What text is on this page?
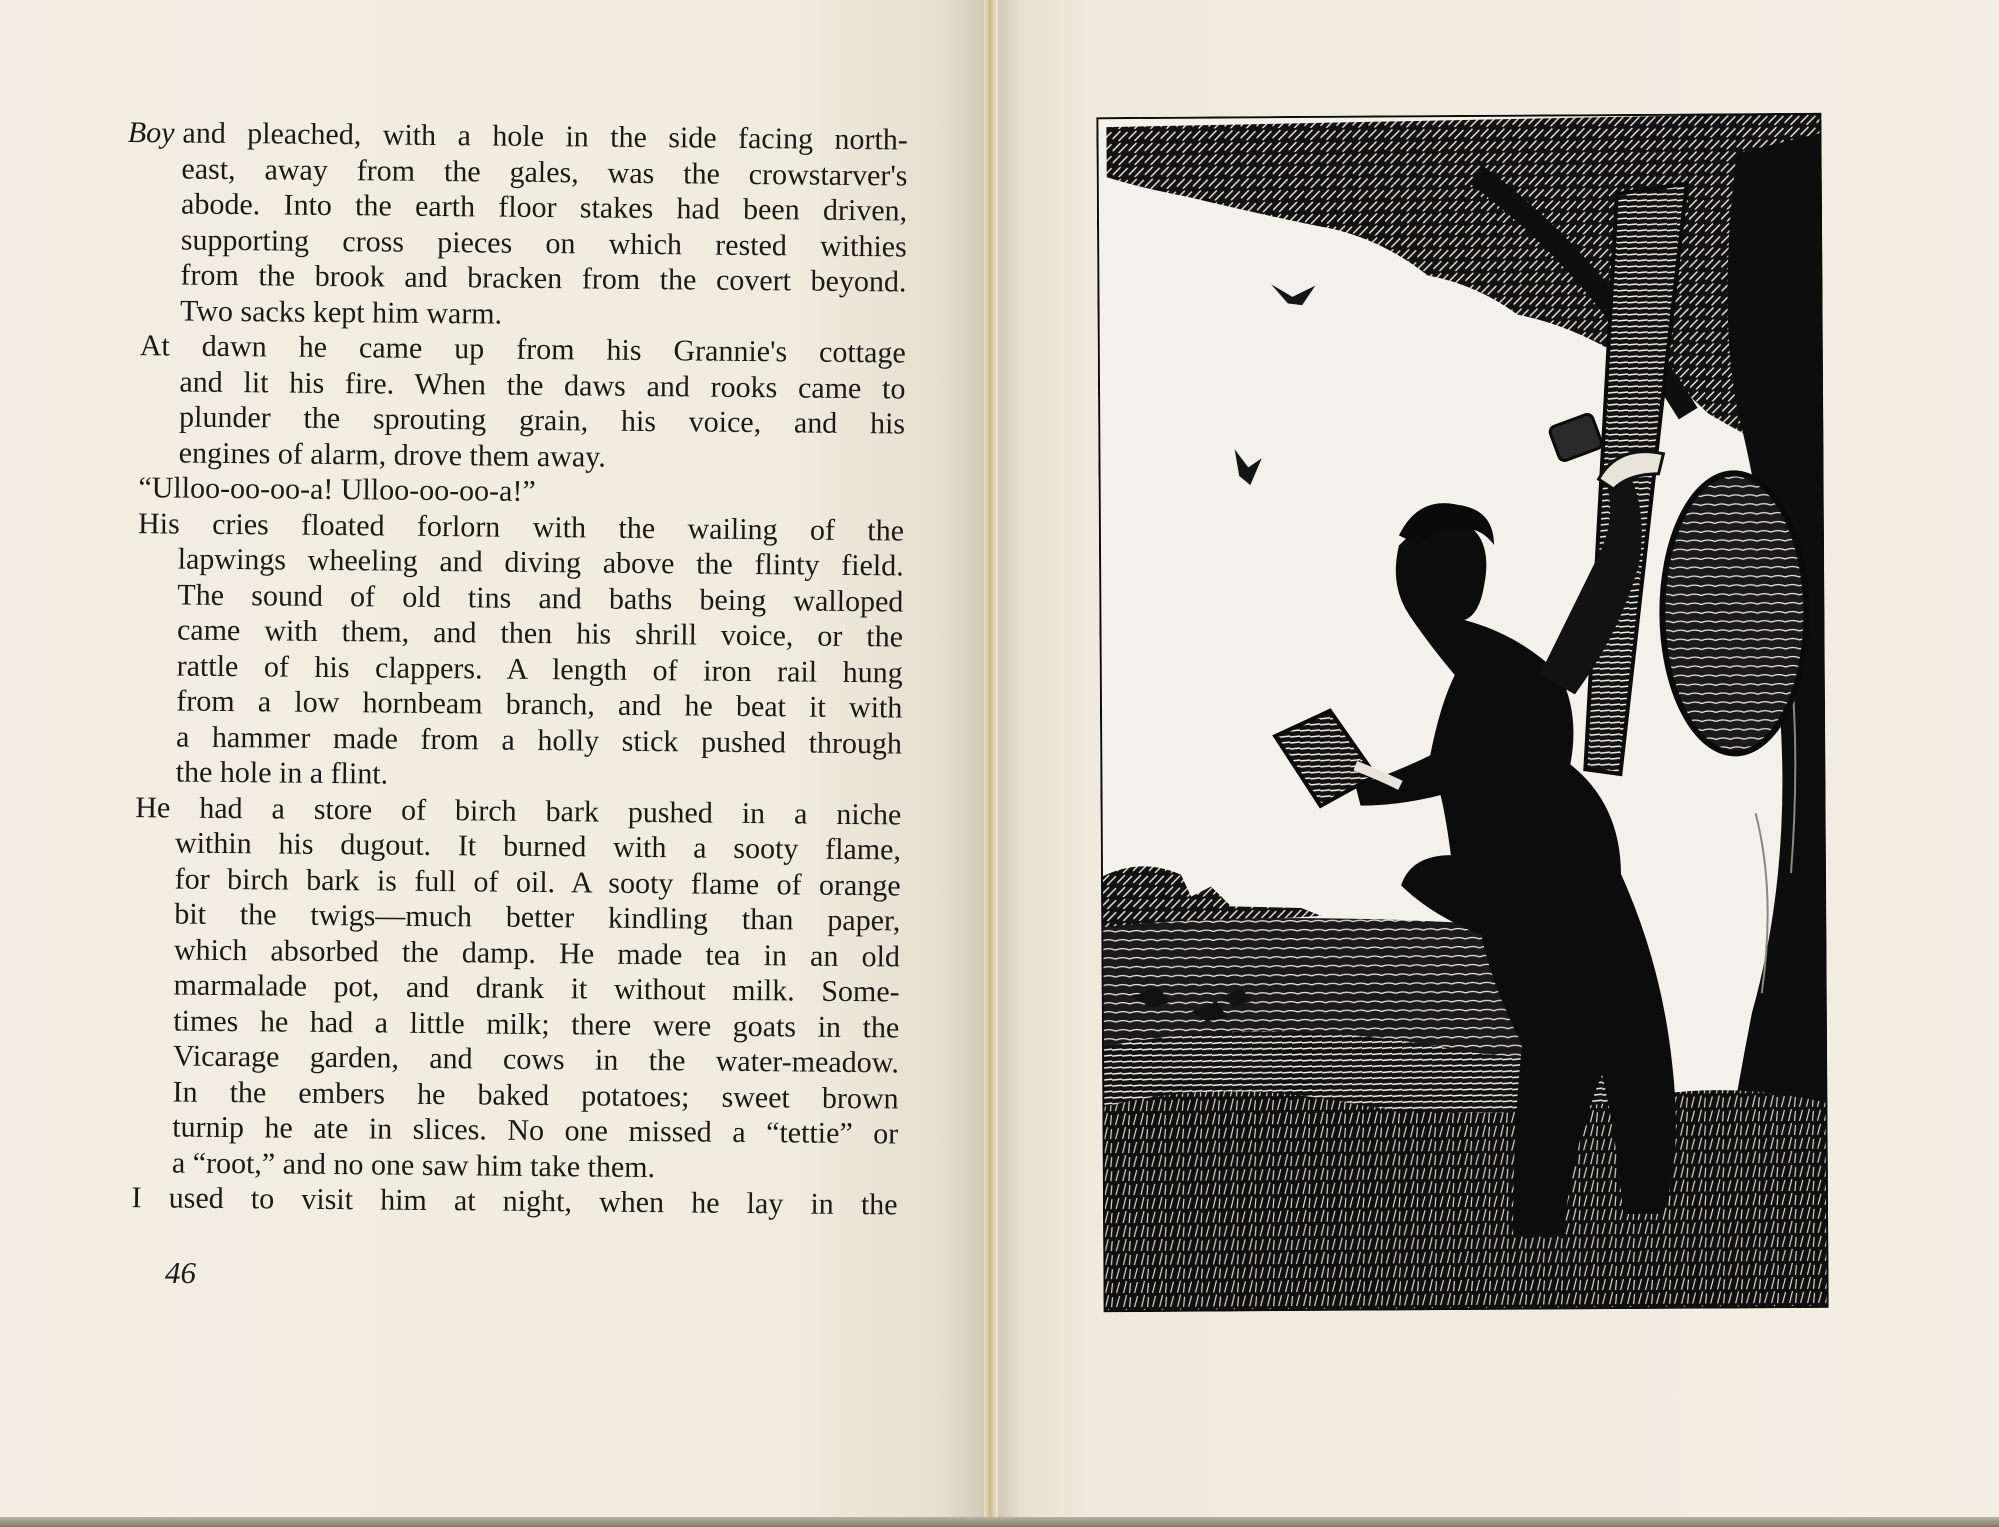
Boy and pleached, with a hole in the side facing north-
east, away from the gales, was the crowstarver's
abode. Into the earth floor stakes had been driven,
supporting cross pieces on which rested withies
from the brook and bracken from the covert beyond.
Two sacks kept him warm.
At dawn he came up from his Grannie's cottage
and lit his fire. When the daws and rooks came to
plunder the sprouting grain, his voice, and his
engines of alarm, drove them away.
“Ulloo-oo-oo-a! Ulloo-oo-oo-a!”
His cries floated forlorn with the wailing of the
lapwings wheeling and diving above the flinty field.
The sound of old tins and baths being walloped
came with them, and then his shrill voice, or the
rattle of his clappers. A length of iron rail hung
from a low hornbeam branch, and he beat it with
a hammer made from a holly stick pushed through
the hole in a flint.
He had a store of birch bark pushed in a niche
within his dugout. It burned with a sooty flame,
for birch bark is full of oil. A sooty flame of orange
bit the twigs—much better kindling than paper,
which absorbed the damp. He made tea in an old
marmalade pot, and drank it without milk. Some-
times he had a little milk; there were goats in the
Vicarage garden, and cows in the water-meadow.
In the embers he baked potatoes; sweet brown
turnip he ate in slices. No one missed a “tettie” or
a “root,” and no one saw him take them.
I used to visit him at night, when he lay in the
46
